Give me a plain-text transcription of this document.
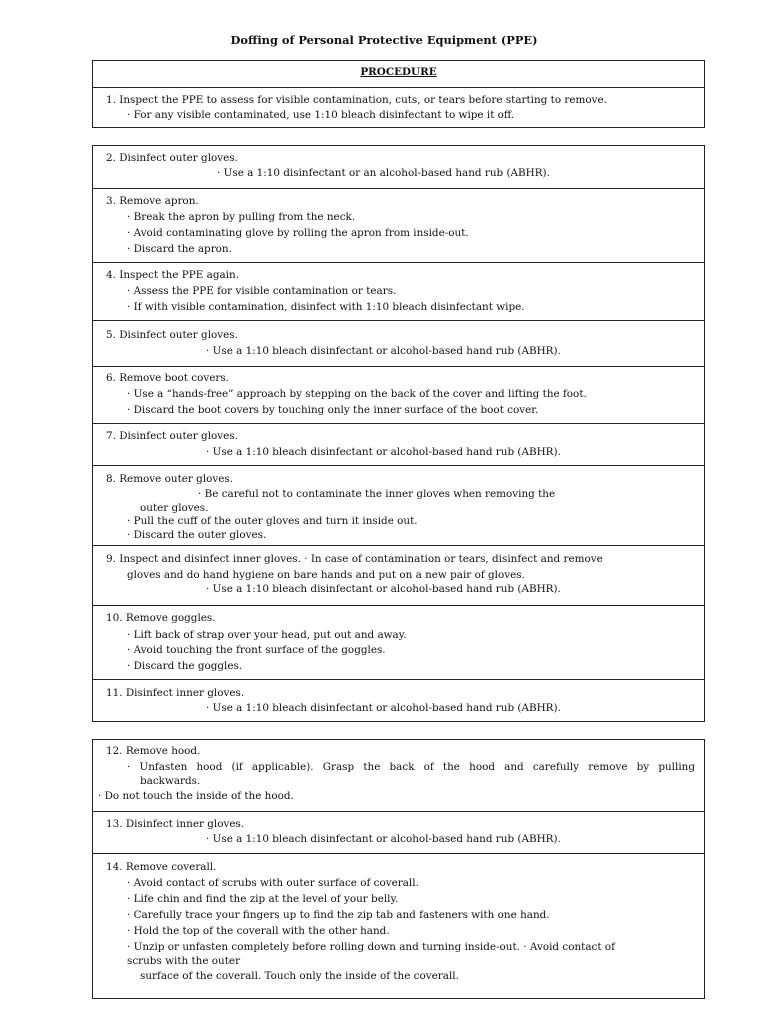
Doffing of Personal Protective Equipment (PPE)
PROCEDURE
1. Inspect the PPE to assess for visible contamination, cuts, or tears before starting to remove.
· For any visible contaminated, use 1:10 bleach disinfectant to wipe it off.
2. Disinfect outer gloves.
· Use a 1:10 disinfectant or an alcohol-based hand rub (ABHR).
3. Remove apron.
· Break the apron by pulling from the neck.
· Avoid contaminating glove by rolling the apron from inside-out.
· Discard the apron.
4. Inspect the PPE again.
· Assess the PPE for visible contamination or tears.
· If with visible contamination, disinfect with 1:10 bleach disinfectant wipe.
5. Disinfect outer gloves.
· Use a 1:10 bleach disinfectant or alcohol-based hand rub (ABHR).
6. Remove boot covers.
· Use a “hands-free” approach by stepping on the back of the cover and lifting the foot.
· Discard the boot covers by touching only the inner surface of the boot cover.
7. Disinfect outer gloves.
· Use a 1:10 bleach disinfectant or alcohol-based hand rub (ABHR).
8. Remove outer gloves.
· Be careful not to contaminate the inner gloves when removing the
outer gloves.
· Pull the cuff of the outer gloves and turn it inside out.
· Discard the outer gloves.
9. Inspect and disinfect inner gloves. · In case of contamination or tears, disinfect and remove
gloves and do hand hygiene on bare hands and put on a new pair of gloves.
· Use a 1:10 bleach disinfectant or alcohol-based hand rub (ABHR).
10. Remove goggles.
· Lift back of strap over your head, put out and away.
· Avoid touching the front surface of the goggles.
· Discard the goggles.
11. Disinfect inner gloves.
· Use a 1:10 bleach disinfectant or alcohol-based hand rub (ABHR).
12. Remove hood.
· Unfasten hood (if applicable). Grasp the back of the hood and carefully remove by pulling
backwards.
· Do not touch the inside of the hood.
13. Disinfect inner gloves.
· Use a 1:10 bleach disinfectant or alcohol-based hand rub (ABHR).
14. Remove coverall.
· Avoid contact of scrubs with outer surface of coverall.
· Life chin and find the zip at the level of your belly.
· Carefully trace your fingers up to find the zip tab and fasteners with one hand.
· Hold the top of the coverall with the other hand.
· Unzip or unfasten completely before rolling down and turning inside-out. · Avoid contact of
scrubs with the outer
surface of the coverall. Touch only the inside of the coverall.
